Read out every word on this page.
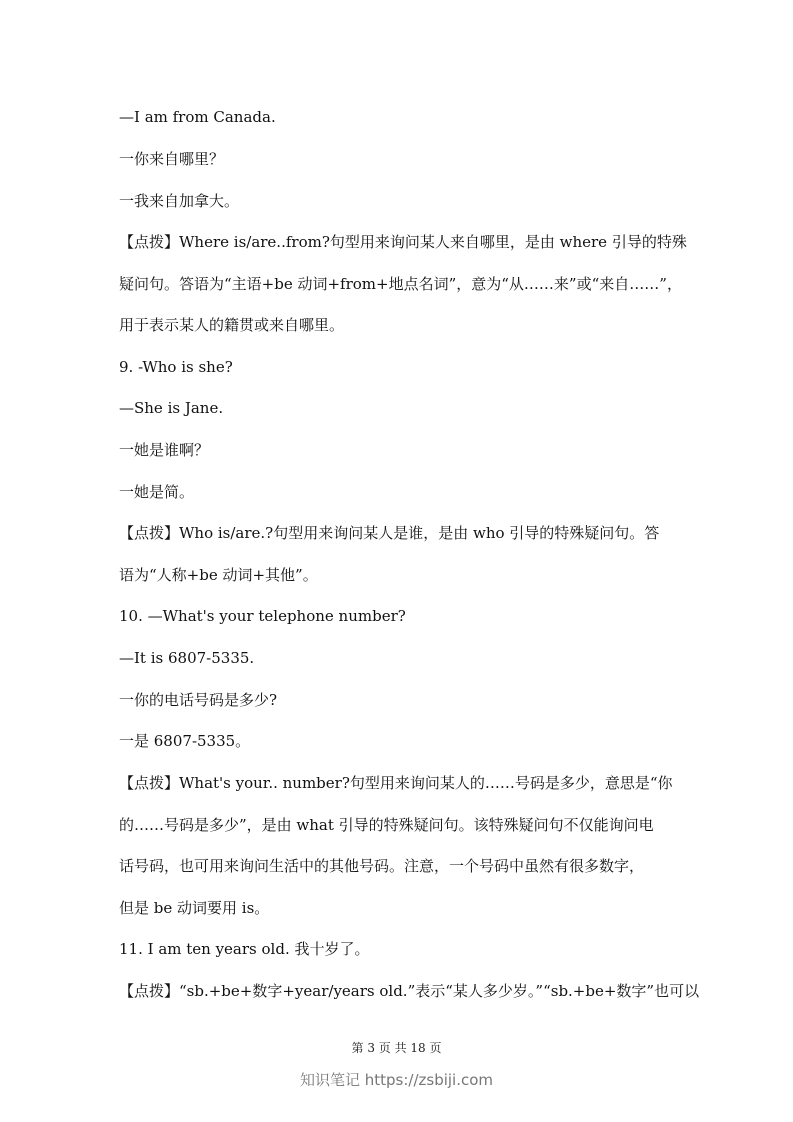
—I am from Canada.
一你来自哪里？
一我来自加拿大。
【点拨】Where is/are..from?句型用来询问某人来自哪里，是由 where 引导的特殊
疑问句。答语为“主语+be 动词+from+地点名词”，意为“从……来”或“来自……”，
用于表示某人的籍贯或来自哪里。
9. -Who is she?
—She is Jane.
一她是谁啊？
一她是简。
【点拨】Who is/are.?句型用来询问某人是谁，是由 who 引导的特殊疑问句。答
语为“人称+be 动词+其他”。
10. —What's your telephone number?
—It is 6807-5335.
一你的电话号码是多少?
一是 6807-5335。
【点拨】What's your.. number?句型用来询问某人的……号码是多少，意思是“你
的……号码是多少”，是由 what 引导的特殊疑问句。该特殊疑问句不仅能询问电
话号码，也可用来询问生活中的其他号码。注意，一个号码中虽然有很多数字，
但是 be 动词要用 is。
11. I am ten years old. 我十岁了。
【点拨】“sb.+be+数字+year/years old.”表示“某人多少岁。”“sb.+be+数字”也可以
第 3 页 共 18 页
知识笔记 https://zsbiji.com
